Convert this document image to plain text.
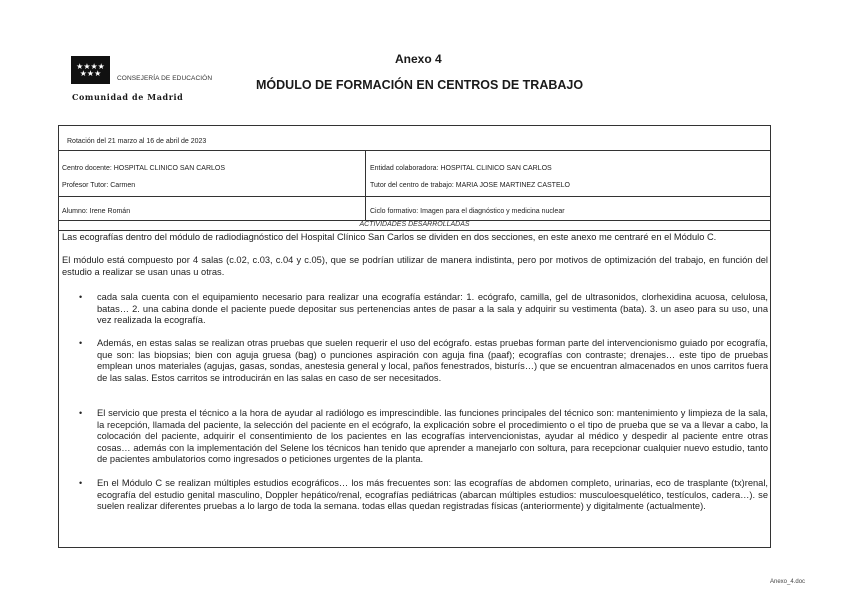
★★★★
★★★
CONSEJERÍA DE EDUCACIÓN
Comunidad de Madrid
Anexo 4
MÓDULO DE FORMACIÓN EN CENTROS DE TRABAJO
Rotación del 21 marzo al 16 de abril de 2023
Centro docente: HOSPITAL CLINICO SAN CARLOS	Entidad colaboradora: HOSPITAL CLINICO SAN CARLOS
Profesor Tutor: Carmen	Tutor del centro de trabajo: MARIA JOSE MARTINEZ CASTELO
Alumno: Irene Román	Ciclo formativo: Imagen para el diagnóstico y medicina nuclear
ACTIVIDADES DESARROLLADAS
Las ecografías dentro del módulo de radiodiagnóstico del Hospital Clínico San Carlos se dividen en dos secciones, en este anexo me centraré en el Módulo C.
El módulo está compuesto por 4 salas (c.02, c.03, c.04 y c.05), que se podrían utilizar de manera indistinta, pero por motivos de optimización del trabajo, en función del estudio a realizar se usan unas u otras.
• cada sala cuenta con el equipamiento necesario para realizar una ecografía estándar: 1. ecógrafo, camilla, gel de ultrasonidos, clorhexidina acuosa, celulosa, batas… 2. una cabina donde el paciente puede depositar sus pertenencias antes de pasar a la sala y adquirir su vestimenta (bata). 3. un aseo para su uso, una vez realizada la ecografía.
• Además, en estas salas se realizan otras pruebas que suelen requerir el uso del ecógrafo. estas pruebas forman parte del intervencionismo guiado por ecografía, que son: las biopsias; bien con aguja gruesa (bag) o punciones aspiración con aguja fina (paaf); ecografías con contraste; drenajes… este tipo de pruebas emplean unos materiales (agujas, gasas, sondas, anestesia general y local, paños fenestrados, bisturís…) que se encuentran almacenados en unos carritos fuera de las salas. Estos carritos se introducirán en las salas en caso de ser necesitados.
• El servicio que presta el técnico a la hora de ayudar al radiólogo es imprescindible. las funciones principales del técnico son: mantenimiento y limpieza de la sala, la recepción, llamada del paciente, la selección del paciente en el ecógrafo, la explicación sobre el procedimiento o el tipo de prueba que se va a llevar a cabo, la colocación del paciente, adquirir el consentimiento de los pacientes en las ecografías intervencionistas, ayudar al médico y despedir al paciente entre otras cosas… además con la implementación del Selene los técnicos han tenido que aprender a manejarlo con soltura, para recepcionar cualquier nuevo estudio, tanto de pacientes ambulatorios como ingresados o peticiones urgentes de la planta.
• En el Módulo C se realizan múltiples estudios ecográficos… los más frecuentes son: las ecografías de abdomen completo, urinarias, eco de trasplante (tx)renal, ecografía del estudio genital masculino, Doppler hepático/renal, ecografías pediátricas (abarcan múltiples estudios: musculoesquelético, testículos, cadera…). se suelen realizar diferentes pruebas a lo largo de toda la semana. todas ellas quedan registradas físicas (anteriormente) y digitalmente (actualmente).
Anexo_4.doc
